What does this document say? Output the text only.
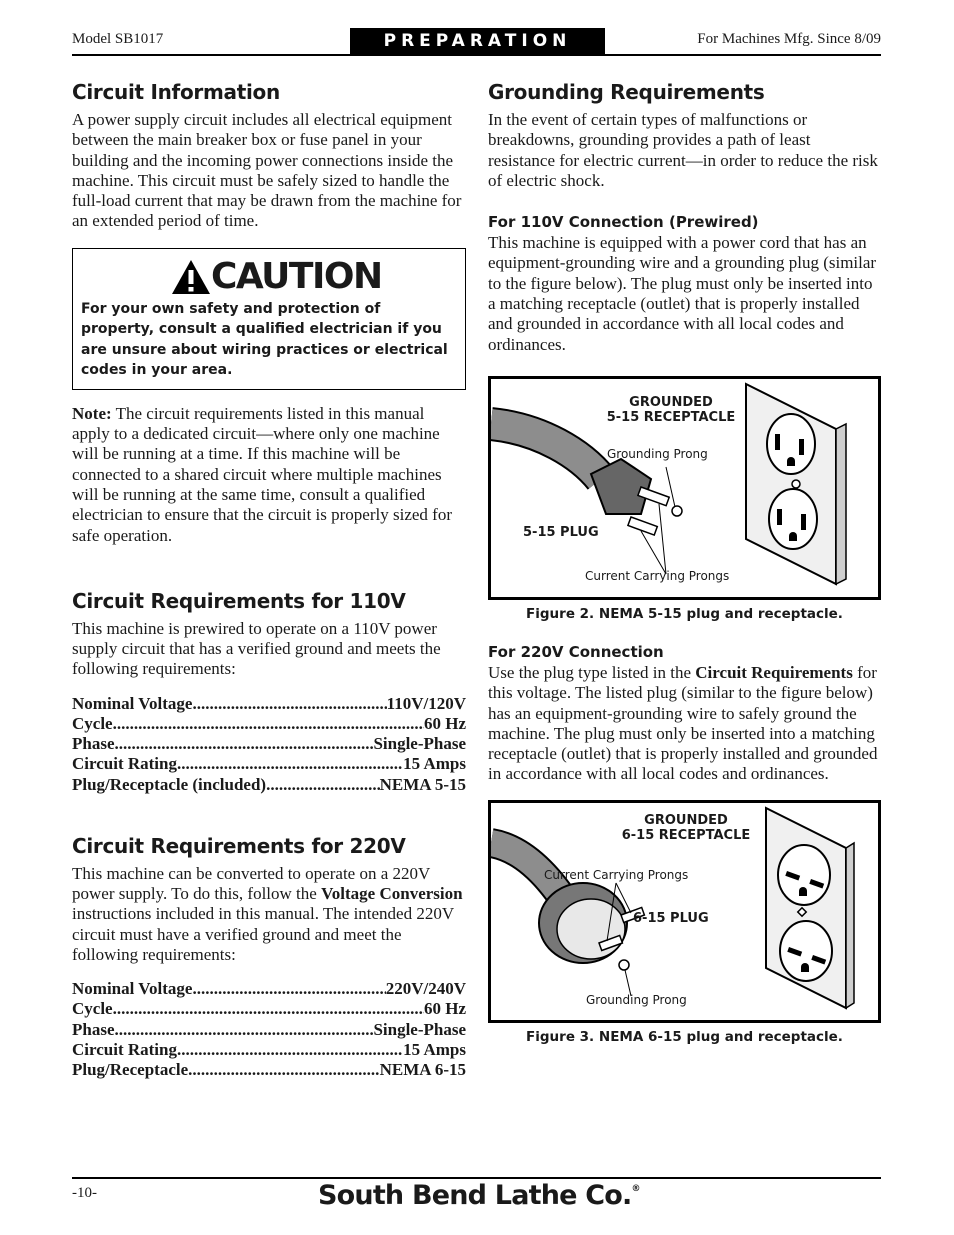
Model SB1017	PREPARATION	For Machines Mfg. Since 8/09
Circuit Information

A power supply circuit includes all electrical equipment between the main breaker box or fuse panel in your building and the incoming power connections inside the machine. This circuit must be safely sized to handle the full-load current that may be drawn from the machine for an extended period of time.

CAUTION
For your own safety and protection of property, consult a qualified electrician if you are unsure about wiring practices or electrical codes in your area.

Note: The circuit requirements listed in this manual apply to a dedicated circuit—where only one machine will be running at a time. If this machine will be connected to a shared circuit where multiple machines will be running at the same time, consult a qualified electrician to ensure that the circuit is properly sized for safe operation.

Circuit Requirements for 110V

This machine is prewired to operate on a 110V power supply circuit that has a verified ground and meets the following requirements:

Nominal Voltage .....	110V/120V
Cycle .....	60 Hz
Phase .....	Single-Phase
Circuit Rating .....	15 Amps
Plug/Receptacle (included) .....	NEMA 5-15
Circuit Requirements for 220V

This machine can be converted to operate on a 220V power supply. To do this, follow the Voltage Conversion instructions included in this manual. The intended 220V circuit must have a verified ground and meet the following requirements:

Nominal Voltage .....	220V/240V
Cycle .....	60 Hz
Phase .....	Single-Phase
Circuit Rating .....	15 Amps
Plug/Receptacle .....	NEMA 6-15
Grounding Requirements

In the event of certain types of malfunctions or breakdowns, grounding provides a path of least resistance for electric current—in order to reduce the risk of electric shock.

For 110V Connection (Prewired)

This machine is equipped with a power cord that has an equipment-grounding wire and a grounding plug (similar to the figure below). The plug must only be inserted into a matching receptacle (outlet) that is properly installed and grounded in accordance with all local codes and ordinances.

GROUNDED
5-15 RECEPTACLE
Grounding Prong
5-15 PLUG
Current Carrying Prongs
Figure 2. NEMA 5-15 plug and receptacle.
For 220V Connection

Use the plug type listed in the Circuit Requirements for this voltage. The listed plug (similar to the figure below) has an equipment-grounding wire to safely ground the machine. The plug must only be inserted into a matching receptacle (outlet) that is properly installed and grounded in accordance with all local codes and ordinances.

GROUNDED
6-15 RECEPTACLE
Current Carrying Prongs
6-15 PLUG
Grounding Prong
Figure 3. NEMA 6-15 plug and receptacle.
-10-	South Bend Lathe Co.®
